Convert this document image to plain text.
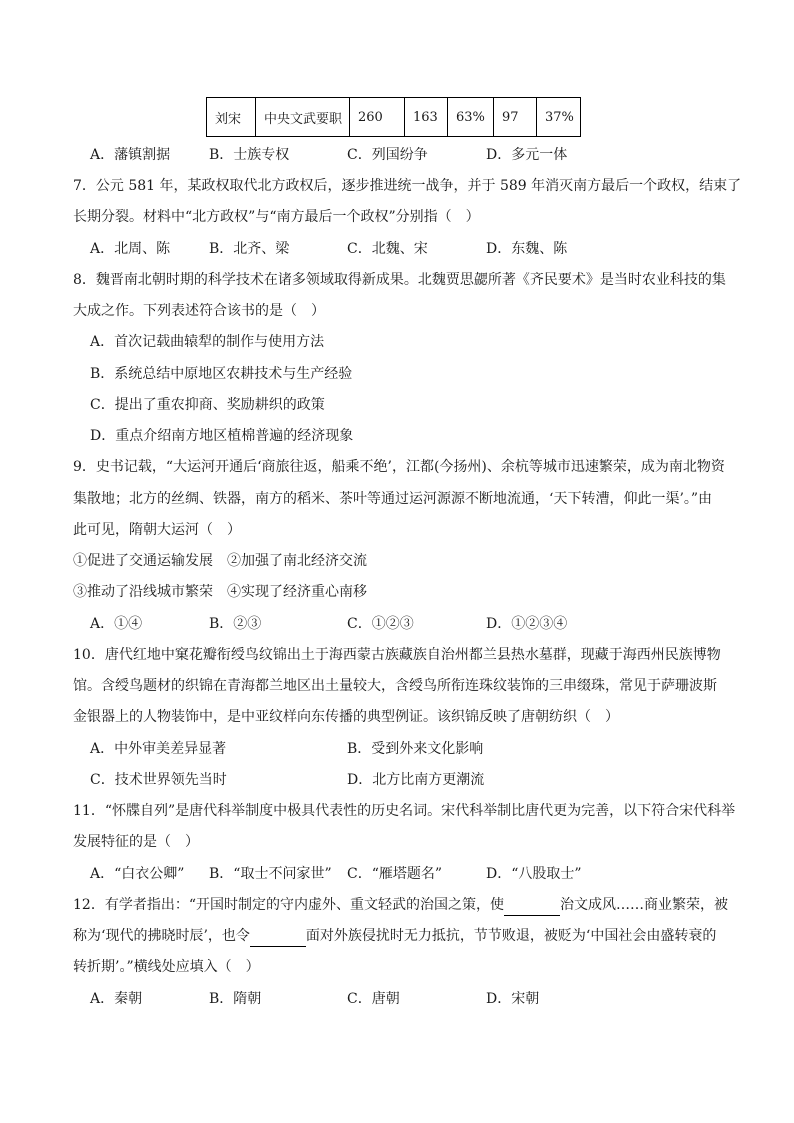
刘宋	中央文武要职	260	163	63%	97	37%
A．藩镇割据	B．士族专权	C．列国纷争	D．多元一体
7．公元 581 年，某政权取代北方政权后，逐步推进统一战争，并于 589 年消灭南方最后一个政权，结束了
长期分裂。材料中“北方政权”与“南方最后一个政权”分别指（　）
A．北周、陈	B．北齐、梁	C．北魏、宋	D．东魏、陈
8．魏晋南北朝时期的科学技术在诸多领域取得新成果。北魏贾思勰所著《齐民要术》是当时农业科技的集
大成之作。下列表述符合该书的是（　）
A．首次记载曲辕犁的制作与使用方法
B．系统总结中原地区农耕技术与生产经验
C．提出了重农抑商、奖励耕织的政策
D．重点介绍南方地区植棉普遍的经济现象
9．史书记载，“大运河开通后‘商旅往返，船乘不绝’，江都(今扬州)、余杭等城市迅速繁荣，成为南北物资
集散地；北方的丝绸、铁器，南方的稻米、茶叶等通过运河源源不断地流通，‘天下转漕，仰此一渠’。”由
此可见，隋朝大运河（　）
①促进了交通运输发展　②加强了南北经济交流
③推动了沿线城市繁荣　④实现了经济重心南移
A．①④	B．②③	C．①②③	D．①②③④
10．唐代红地中窠花瓣衔绶鸟纹锦出土于海西蒙古族藏族自治州都兰县热水墓群，现藏于海西州民族博物
馆。含绶鸟题材的织锦在青海都兰地区出土量较大，含绶鸟所衔连珠纹装饰的三串缀珠，常见于萨珊波斯
金银器上的人物装饰中，是中亚纹样向东传播的典型例证。该织锦反映了唐朝纺织（　）
A．中外审美差异显著	B．受到外来文化影响
C．技术世界领先当时	D．北方比南方更潮流
11．“怀牒自列”是唐代科举制度中极具代表性的历史名词。宋代科举制比唐代更为完善，以下符合宋代科举
发展特征的是（　）
A．“白衣公卿” B．“取士不问家世” C．“雁塔题名”	D．“八股取士”
12．有学者指出：“开国时制定的守内虚外、重文轻武的治国之策，使	治文成风……商业繁荣，被
称为‘现代的拂晓时辰’，也令	面对外族侵扰时无力抵抗，节节败退，被贬为‘中国社会由盛转衰的
转折期’。”横线处应填入（　）
A．秦朝	B．隋朝	C．唐朝	D．宋朝
